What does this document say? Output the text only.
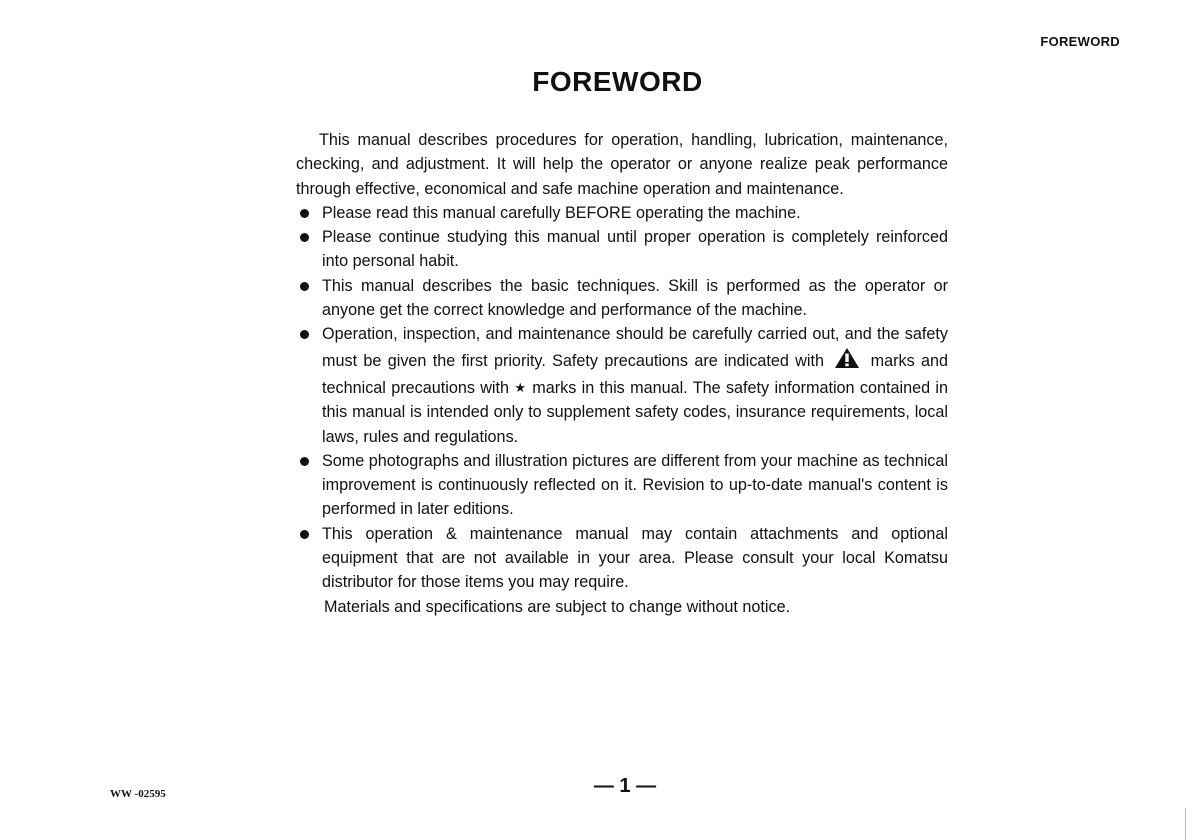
FOREWORD
FOREWORD

This manual describes procedures for operation, handling, lubrication, maintenance, checking, and adjustment. It will help the operator or anyone realize peak performance through effective, economical and safe machine operation and maintenance.

Please read this manual carefully BEFORE operating the machine.
Please continue studying this manual until proper operation is completely reinforced into personal habit.
This manual describes the basic techniques. Skill is performed as the operator or anyone get the correct knowledge and performance of the machine.
Operation, inspection, and maintenance should be carefully carried out, and the safety must be given the first priority. Safety precautions are indicated with	marks and technical precautions with ★ marks in this manual. The safety information contained in this manual is intended only to supplement safety codes, insurance requirements, local laws, rules and regulations.
Some photographs and illustration pictures are different from your machine as technical improvement is continuously reflected on it. Revision to up-to-date manual's content is performed in later editions.
This operation & maintenance manual may contain attachments and optional equipment that are not available in your area. Please consult your local Komatsu distributor for those items you may require.

Materials and specifications are subject to change without notice.

WW -02595	— 1 —
